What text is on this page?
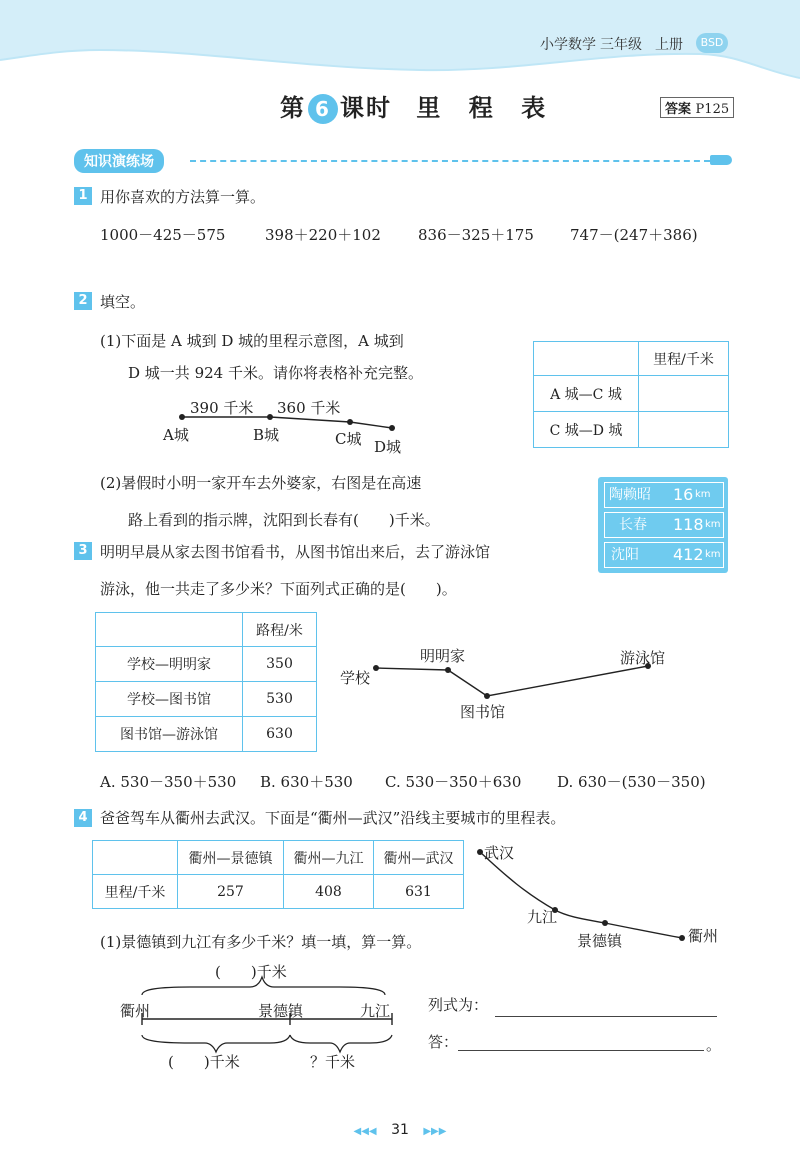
小学数学 三年级 上册	BSD
第 6 课时 里 程 表	答案 P125
知识演练场
1 用你喜欢的方法算一算。
1000－425－575	398＋220＋102 836－325＋175 747－(247＋386)
2 填空。
(1)下面是 A 城到 D 城的里程示意图，A 城到
D 城一共 924 千米。请你将表格补充完整。
390 千米 360 千米
A城	B城	C城 D城
	里程/千米
A 城—C 城	
C 城—D 城	
(2)暑假时小明一家开车去外婆家，右图是在高速
路上看到的指示牌，沈阳到长春有(　　)千米。
陶赖昭 16 km
长春 118 km
沈阳 412 km
3 明明早晨从家去图书馆看书，从图书馆出来后，去了游泳馆
游泳，他一共走了多少米？下面列式正确的是(　　)。
	路程/米
学校—明明家	350
学校—图书馆	530
图书馆—游泳馆	630
学校
明明家
图书馆
游泳馆
A. 530－350＋530 B. 630＋530 C. 530－350＋630 D. 630－(530－350)
4 爸爸驾车从衢州去武汉。下面是“衢州—武汉”沿线主要城市的里程表。
	衢州—景德镇	衢州—九江	衢州—武汉
里程/千米	257	408	631
武汉
九江
景德镇	衢州
(1)景德镇到九江有多少千米？填一填，算一算。
(　　)千米
衢州	景德镇	九江
(　　)千米	？千米
列式为：
答：	。
◀◀◀ 31 ▶▶▶
